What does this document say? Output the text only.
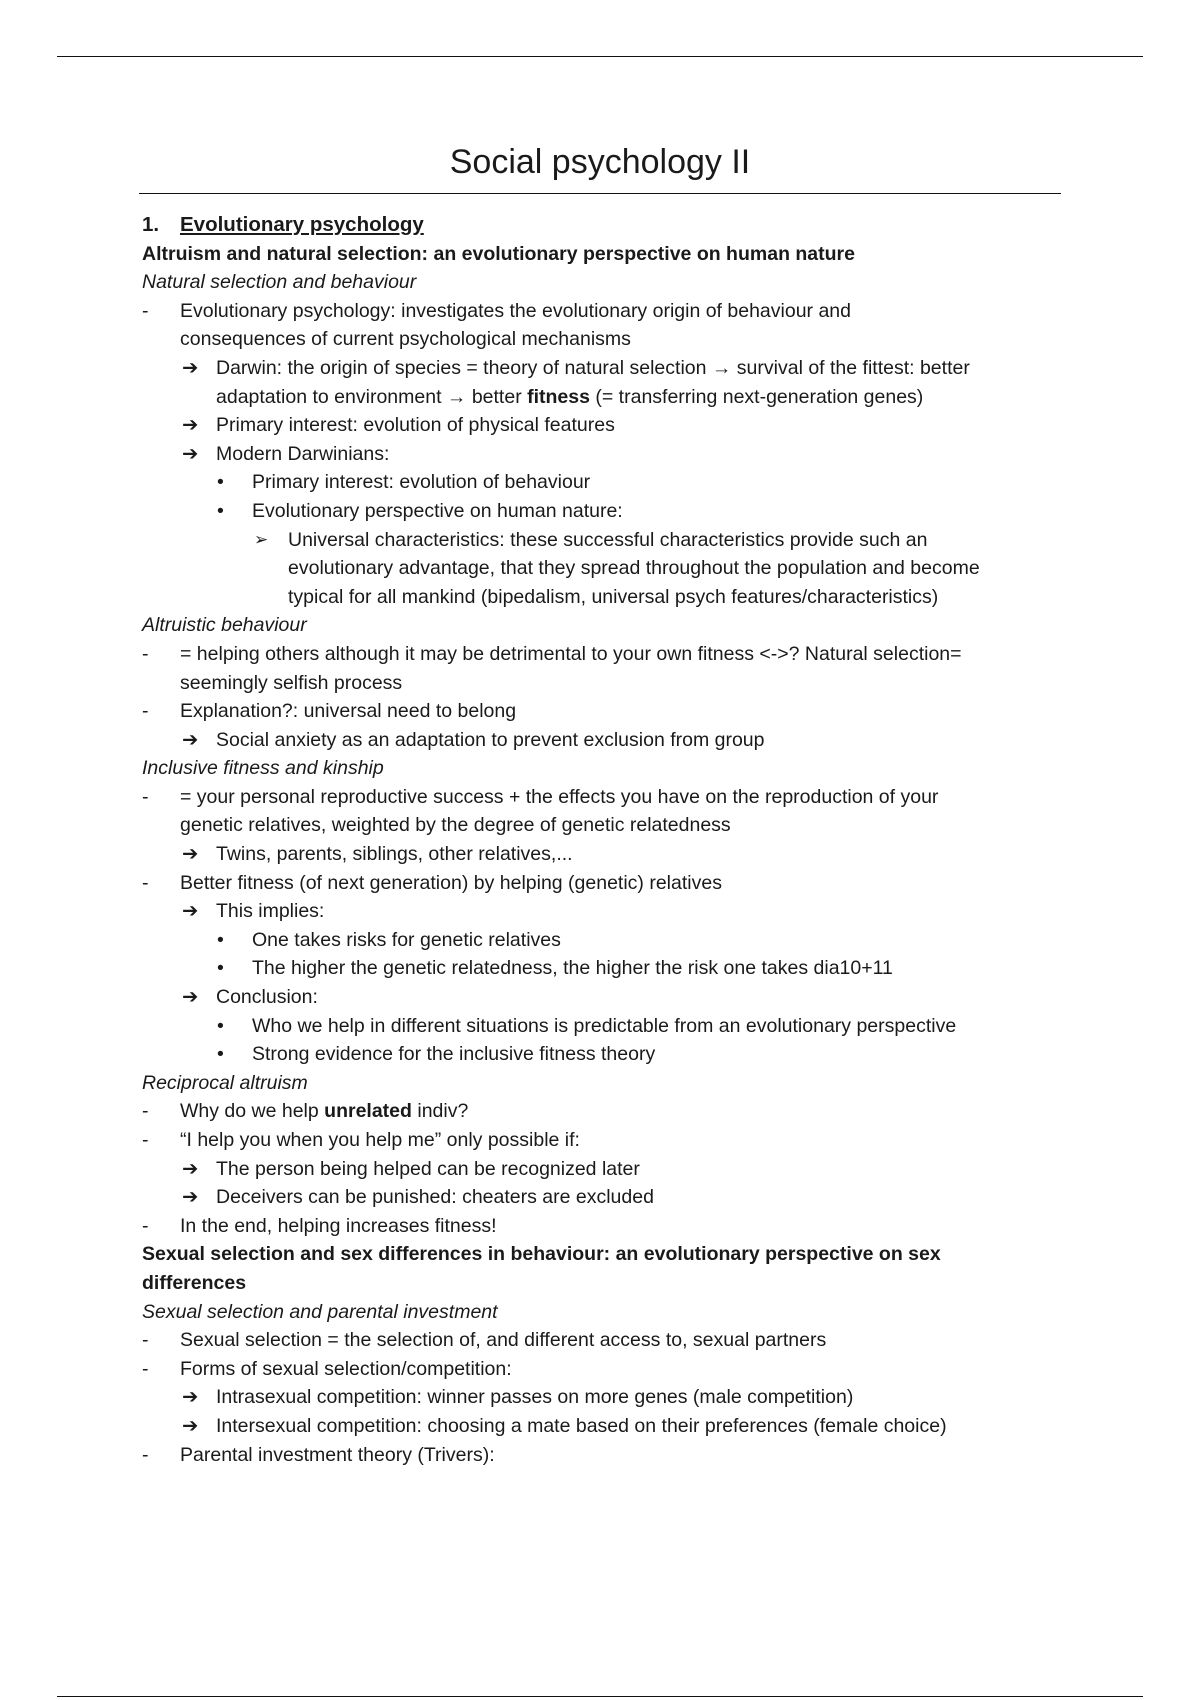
Social psychology II
1. Evolutionary psychology
Altruism and natural selection: an evolutionary perspective on human nature
Natural selection and behaviour
- Evolutionary psychology: investigates the evolutionary origin of behaviour and
consequences of current psychological mechanisms
➔ Darwin: the origin of species = theory of natural selection → survival of the fittest: better
adaptation to environment → better fitness (= transferring next-generation genes)
➔ Primary interest: evolution of physical features
➔ Modern Darwinians:
• Primary interest: evolution of behaviour
• Evolutionary perspective on human nature:
➢ Universal characteristics: these successful characteristics provide such an
evolutionary advantage, that they spread throughout the population and become
typical for all mankind (bipedalism, universal psych features/characteristics)
Altruistic behaviour
- = helping others although it may be detrimental to your own fitness <->? Natural selection=
seemingly selfish process
- Explanation?: universal need to belong
➔ Social anxiety as an adaptation to prevent exclusion from group
Inclusive fitness and kinship
- = your personal reproductive success + the effects you have on the reproduction of your
genetic relatives, weighted by the degree of genetic relatedness
➔ Twins, parents, siblings, other relatives,...
- Better fitness (of next generation) by helping (genetic) relatives
➔ This implies:
• One takes risks for genetic relatives
• The higher the genetic relatedness, the higher the risk one takes dia10+11
➔ Conclusion:
• Who we help in different situations is predictable from an evolutionary perspective
• Strong evidence for the inclusive fitness theory
Reciprocal altruism
- Why do we help unrelated indiv?
- “I help you when you help me” only possible if:
➔ The person being helped can be recognized later
➔ Deceivers can be punished: cheaters are excluded
- In the end, helping increases fitness!
Sexual selection and sex differences in behaviour: an evolutionary perspective on sex
differences
Sexual selection and parental investment
- Sexual selection = the selection of, and different access to, sexual partners
- Forms of sexual selection/competition:
➔ Intrasexual competition: winner passes on more genes (male competition)
➔ Intersexual competition: choosing a mate based on their preferences (female choice)
- Parental investment theory (Trivers):
